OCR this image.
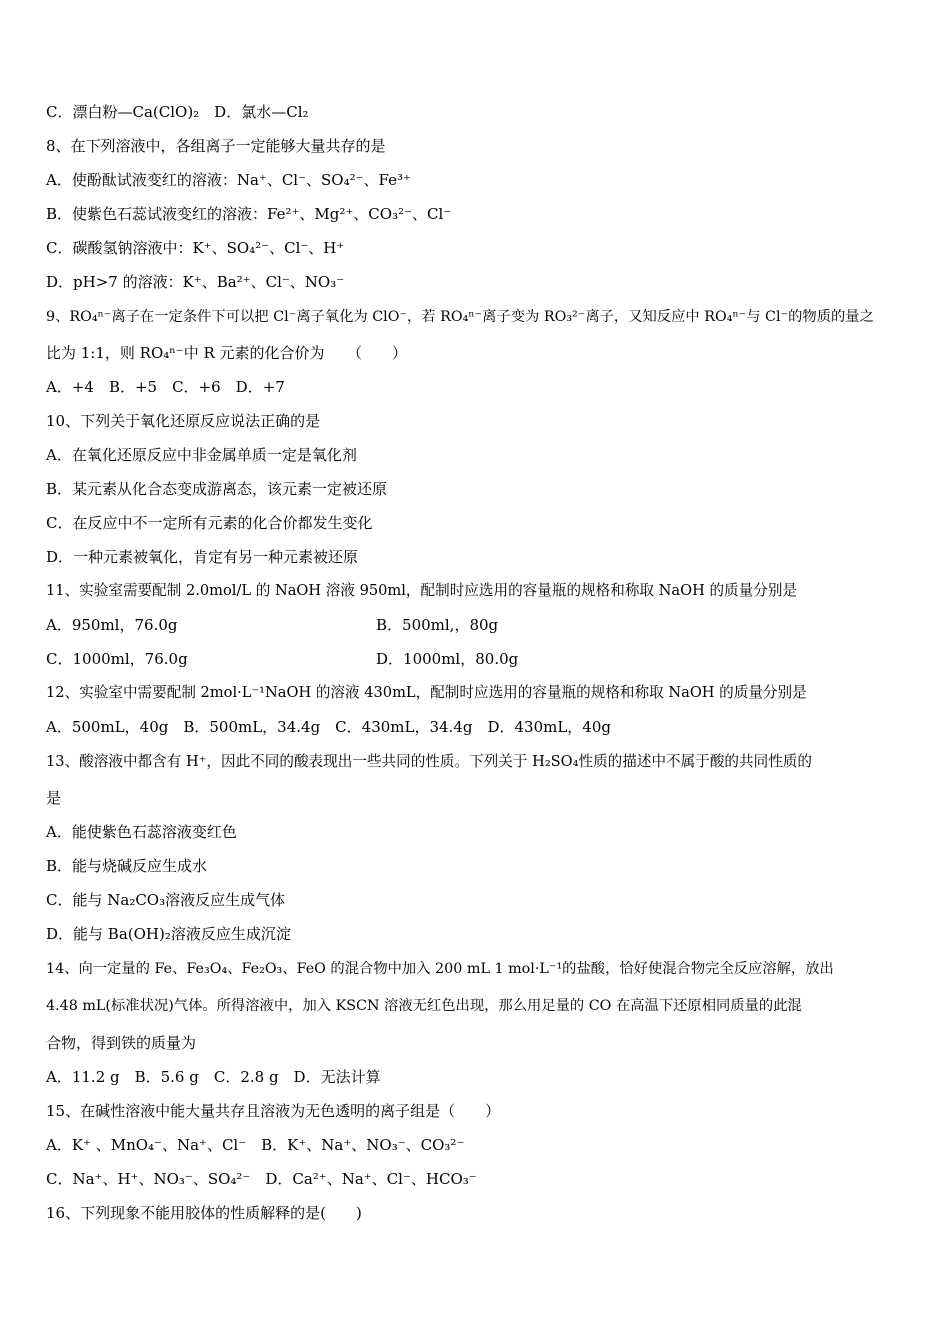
C．漂白粉—Ca(ClO)₂　D．氯水—Cl₂
8、在下列溶液中，各组离子一定能够大量共存的是
A．使酚酞试液变红的溶液：Na⁺、Cl⁻、SO₄²⁻、Fe³⁺
B．使紫色石蕊试液变红的溶液：Fe²⁺、Mg²⁺、CO₃²⁻、Cl⁻
C．碳酸氢钠溶液中：K⁺、SO₄²⁻、Cl⁻、H⁺
D．pH>7 的溶液：K⁺、Ba²⁺、Cl⁻、NO₃⁻
9、RO₄ⁿ⁻离子在一定条件下可以把 Cl⁻离子氧化为 ClO⁻，若 RO₄ⁿ⁻离子变为 RO₃²⁻离子，又知反应中 RO₄ⁿ⁻与 Cl⁻的物质的量之
比为 1:1，则 RO₄ⁿ⁻中 R 元素的化合价为　　（　　）
A．+4　B．+5　C．+6　D．+7
10、下列关于氧化还原反应说法正确的是
A．在氧化还原反应中非金属单质一定是氧化剂
B．某元素从化合态变成游离态，该元素一定被还原
C．在反应中不一定所有元素的化合价都发生变化
D．一种元素被氧化，肯定有另一种元素被还原
11、实验室需要配制 2.0mol/L 的 NaOH 溶液 950ml，配制时应选用的容量瓶的规格和称取 NaOH 的质量分别是
A．950ml，76.0g	B．500ml,，80g
C．1000ml，76.0g	D．1000ml，80.0g
12、实验室中需要配制 2mol·L⁻¹NaOH 的溶液 430mL，配制时应选用的容量瓶的规格和称取 NaOH 的质量分别是
A．500mL，40g　B．500mL，34.4g　C．430mL，34.4g　D．430mL，40g
13、酸溶液中都含有 H⁺，因此不同的酸表现出一些共同的性质。下列关于 H₂SO₄性质的描述中不属于酸的共同性质的
是
A．能使紫色石蕊溶液变红色
B．能与烧碱反应生成水
C．能与 Na₂CO₃溶液反应生成气体
D．能与 Ba(OH)₂溶液反应生成沉淀
14、向一定量的 Fe、Fe₃O₄、Fe₂O₃、FeO 的混合物中加入 200 mL 1 mol·L⁻¹的盐酸，恰好使混合物完全反应溶解，放出
4.48 mL(标准状况)气体。所得溶液中，加入 KSCN 溶液无红色出现，那么用足量的 CO 在高温下还原相同质量的此混
合物，得到铁的质量为
A．11.2 g　B．5.6 g　C．2.8 g　D．无法计算
15、在碱性溶液中能大量共存且溶液为无色透明的离子组是（　　）
A．K⁺ 、MnO₄⁻、Na⁺、Cl⁻　B．K⁺、Na⁺、NO₃⁻、CO₃²⁻
C．Na⁺、H⁺、NO₃⁻、SO₄²⁻　D．Ca²⁺、Na⁺、Cl⁻、HCO₃⁻
16、下列现象不能用胶体的性质解释的是(　　)
